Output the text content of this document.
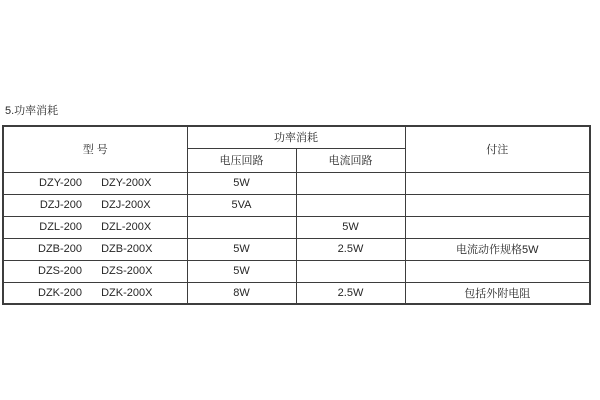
5.功率消耗
型 号	功率消耗		付注
	电压回路	电流回路	
DZY-200 DZY-200X	5W		
DZJ-200 DZJ-200X	5VA		
DZL-200 DZL-200X		5W	
DZB-200 DZB-200X	5W	2.5W	电流动作规格5W
DZS-200 DZS-200X	5W		
DZK-200 DZK-200X	8W	2.5W	包括外附电阻
